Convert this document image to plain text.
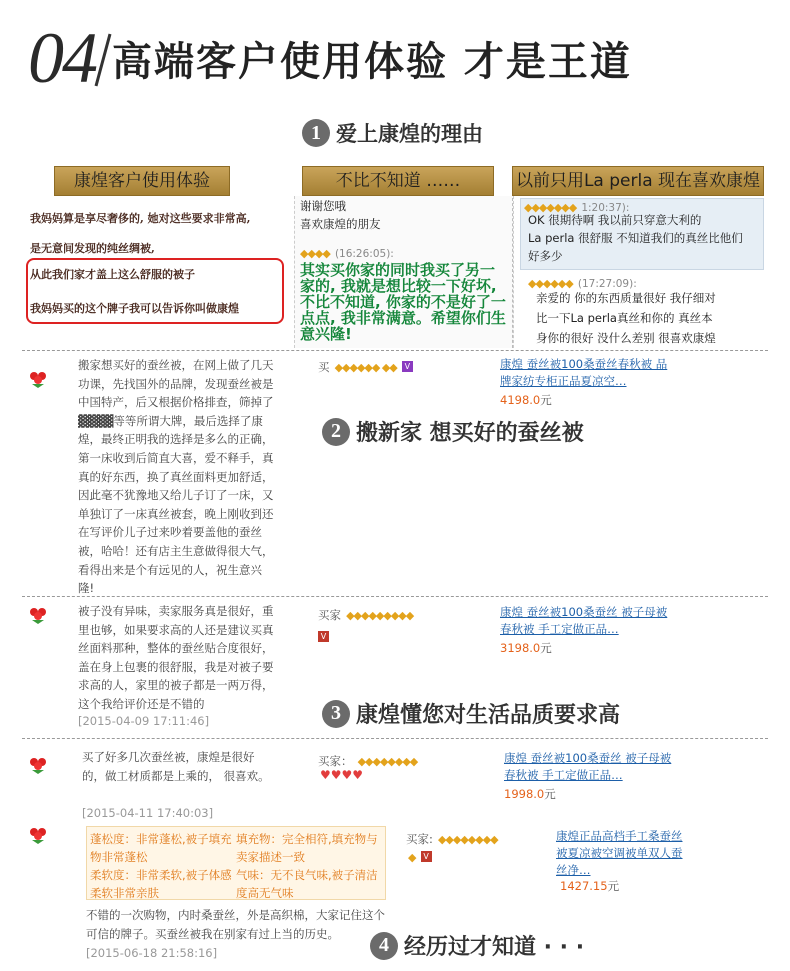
04 高端客户使用体验 才是王道
1 爱上康煌的理由
康煌客户使用体验
我妈妈算是享尽奢侈的, 她对这些要求非常高,
是无意间发现的纯丝绸被,
从此我们家才盖上这么舒服的被子
我妈妈买的这个牌子我可以告诉你叫做康煌
不比不知道 ……
谢谢您哦
喜欢康煌的朋友
◆◆◆◆ (16:26:05):
其实买你家的同时我买了另一家的, 我就是想比较一下好坏, 不比不知道, 你家的不是好了一点点, 我非常满意。希望你们生意兴隆!
以前只用La perla 现在喜欢康煌
◆◆◆◆◆◆◆ 1:20:37):
OK 很期待啊 我以前只穿意大利的
La perla 很舒服 不知道我们的真丝比他们
好多少
◆◆◆◆◆◆ (17:27:09):
亲爱的 你的东西质量很好 我仔细对
比一下La perla真丝和你的 真丝本
身你的很好 没什么差别 很喜欢康煌
搬家想买好的蚕丝被，在网上做了几天功课，先找国外的品牌，发现蚕丝被是中国特产，后又根据价格排查，筛掉了▓▓▓▓等等所谓大牌，最后选择了康煌，最终正明我的选择是多么的正确，第一床收到后简直大喜，爱不释手，真真的好东西，换了真丝面料更加舒适，因此毫不犹豫地又给儿子订了一床，又单独订了一床真丝被套，晚上刚收到还在写评价儿子过来吵着要盖他的蚕丝被，哈哈！还有店主生意做得很大气，看得出来是个有远见的人，祝生意兴隆!
买 ◆◆◆◆◆◆ ◆◆ V	康煌 蚕丝被100桑蚕丝春秋被 品牌家纺专柜正品夏凉空…
4198.0元
2 搬新家 想买好的蚕丝被
被子没有异味，卖家服务真是很好，重里也够，如果要求高的人还是建议买真丝面料那种，整体的蚕丝贴合度很好，盖在身上包裹的很舒服，我是对被子要求高的人，家里的被子都是一两万得，这个我给评价还是不错的
[2015-04-09 17:11:46]
买家 ◆◆◆◆◆◆◆◆◆
V
康煌 蚕丝被100桑蚕丝 被子母被春秋被 手工定做正品…
3198.0元
3 康煌懂您对生活品质要求高
买了好多几次蚕丝被，康煌是很好的，做工材质都是上乘的， 很喜欢。
[2015-04-11 17:40:03]
买家： ◆◆◆◆◆◆◆◆
♥♥♥♥
康煌 蚕丝被100桑蚕丝 被子母被春秋被 手工定做正品…
1998.0元
蓬松度：非常蓬松,被子填充物非常蓬松
填充物：完全相符,填充物与卖家描述一致
柔软度：非常柔软,被子体感柔软非常亲肤
气味：无不良气味,被子清洁度高无气味
不错的一次购物，内时桑蚕丝，外是高织棉，大家记住这个可信的牌子。买蚕丝被我在别家有过上当的历史。
[2015-06-18 21:58:16]
买家: ◆◆◆◆◆◆◆◆
◆ V
康煌正品高档手工桑蚕丝被夏凉被空调被单双人蚕丝净…
1427.15元
4 经历过才知道 · · ·
